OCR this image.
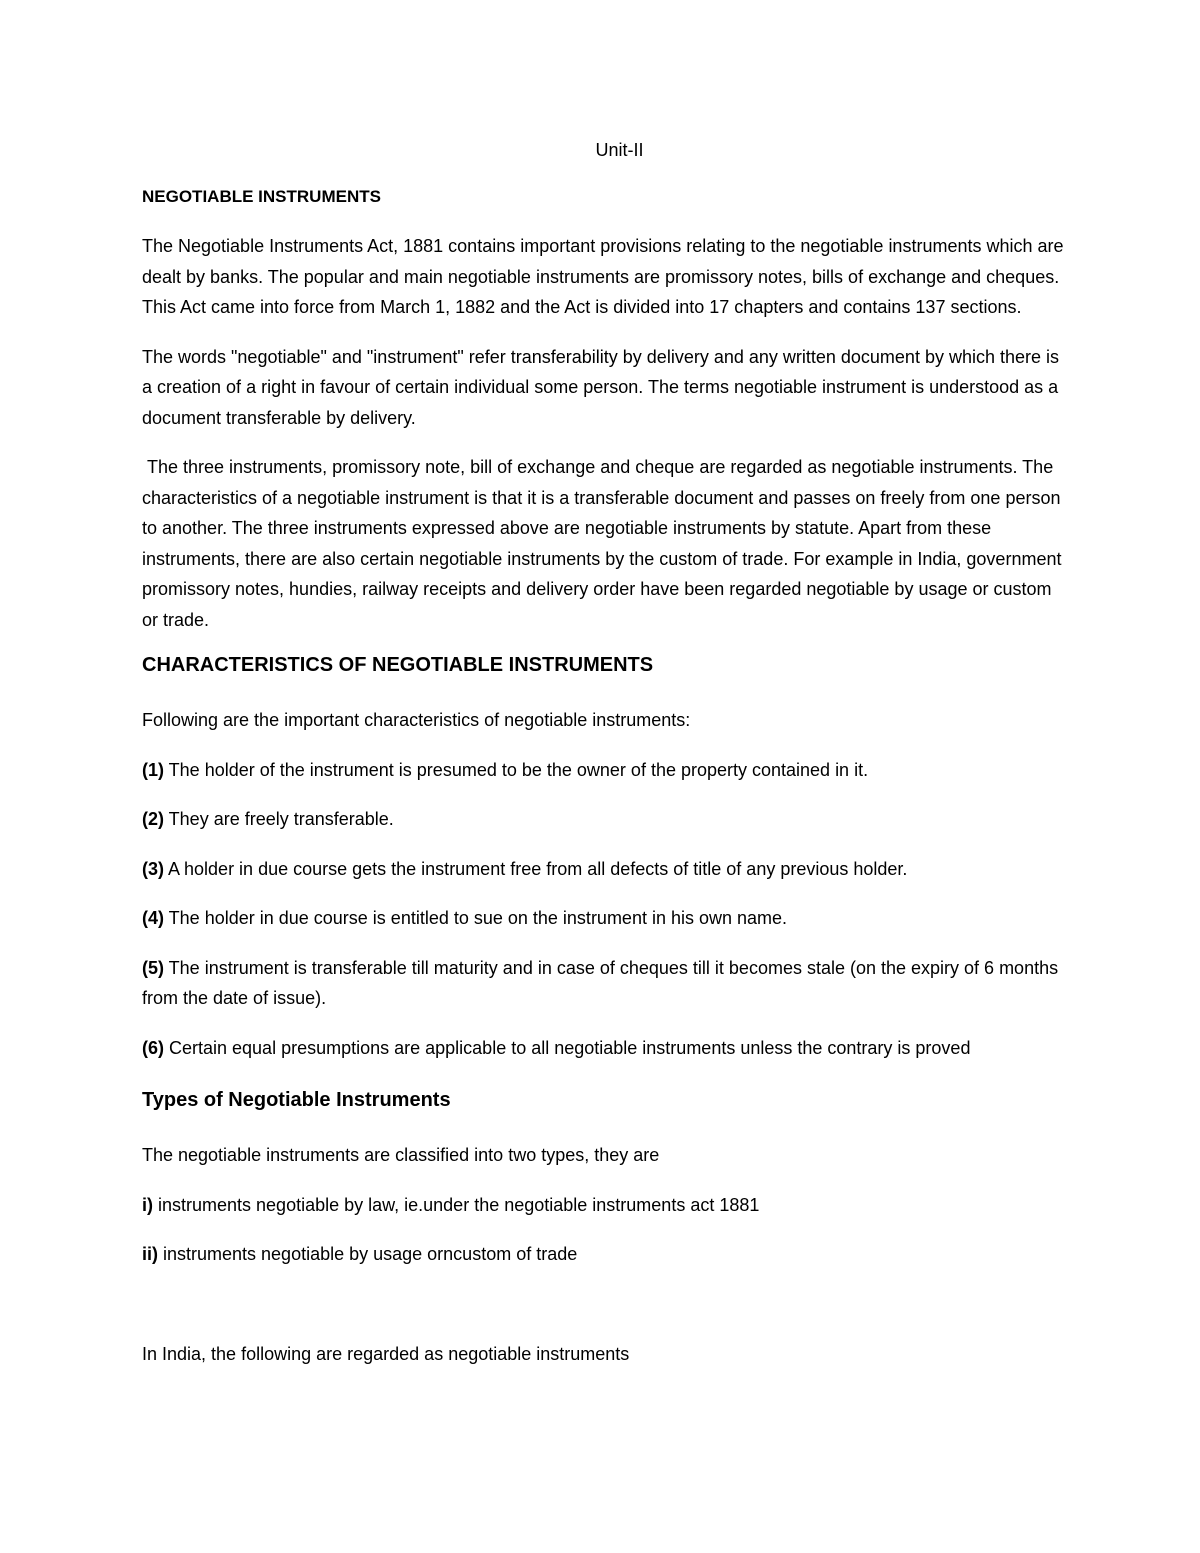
Unit-II
NEGOTIABLE INSTRUMENTS

The Negotiable Instruments Act, 1881 contains important provisions relating to the negotiable instruments which are dealt by banks. The popular and main negotiable instruments are promissory notes, bills of exchange and cheques. This Act came into force from March 1, 1882 and the Act is divided into 17 chapters and contains 137 sections.

The words "negotiable" and "instrument" refer transferability by delivery and any written document by which there is a creation of a right in favour of certain individual some person. The terms negotiable instrument is understood as a document transferable by delivery.

The three instruments, promissory note, bill of exchange and cheque are regarded as negotiable instruments. The characteristics of a negotiable instrument is that it is a transferable document and passes on freely from one person to another. The three instruments expressed above are negotiable instruments by statute. Apart from these instruments, there are also certain negotiable instruments by the custom of trade. For example in India, government promissory notes, hundies, railway receipts and delivery order have been regarded negotiable by usage or custom or trade.

CHARACTERISTICS OF NEGOTIABLE INSTRUMENTS

Following are the important characteristics of negotiable instruments:

(1) The holder of the instrument is presumed to be the owner of the property contained in it.

(2) They are freely transferable.

(3) A holder in due course gets the instrument free from all defects of title of any previous holder.

(4) The holder in due course is entitled to sue on the instrument in his own name.

(5) The instrument is transferable till maturity and in case of cheques till it becomes stale (on the expiry of 6 months from the date of issue).

(6) Certain equal presumptions are applicable to all negotiable instruments unless the contrary is proved

Types of Negotiable Instruments

The negotiable instruments are classified into two types, they are

i) instruments negotiable by law, ie.under the negotiable instruments act 1881

ii) instruments negotiable by usage orncustom of trade

In India, the following are regarded as negotiable instruments
